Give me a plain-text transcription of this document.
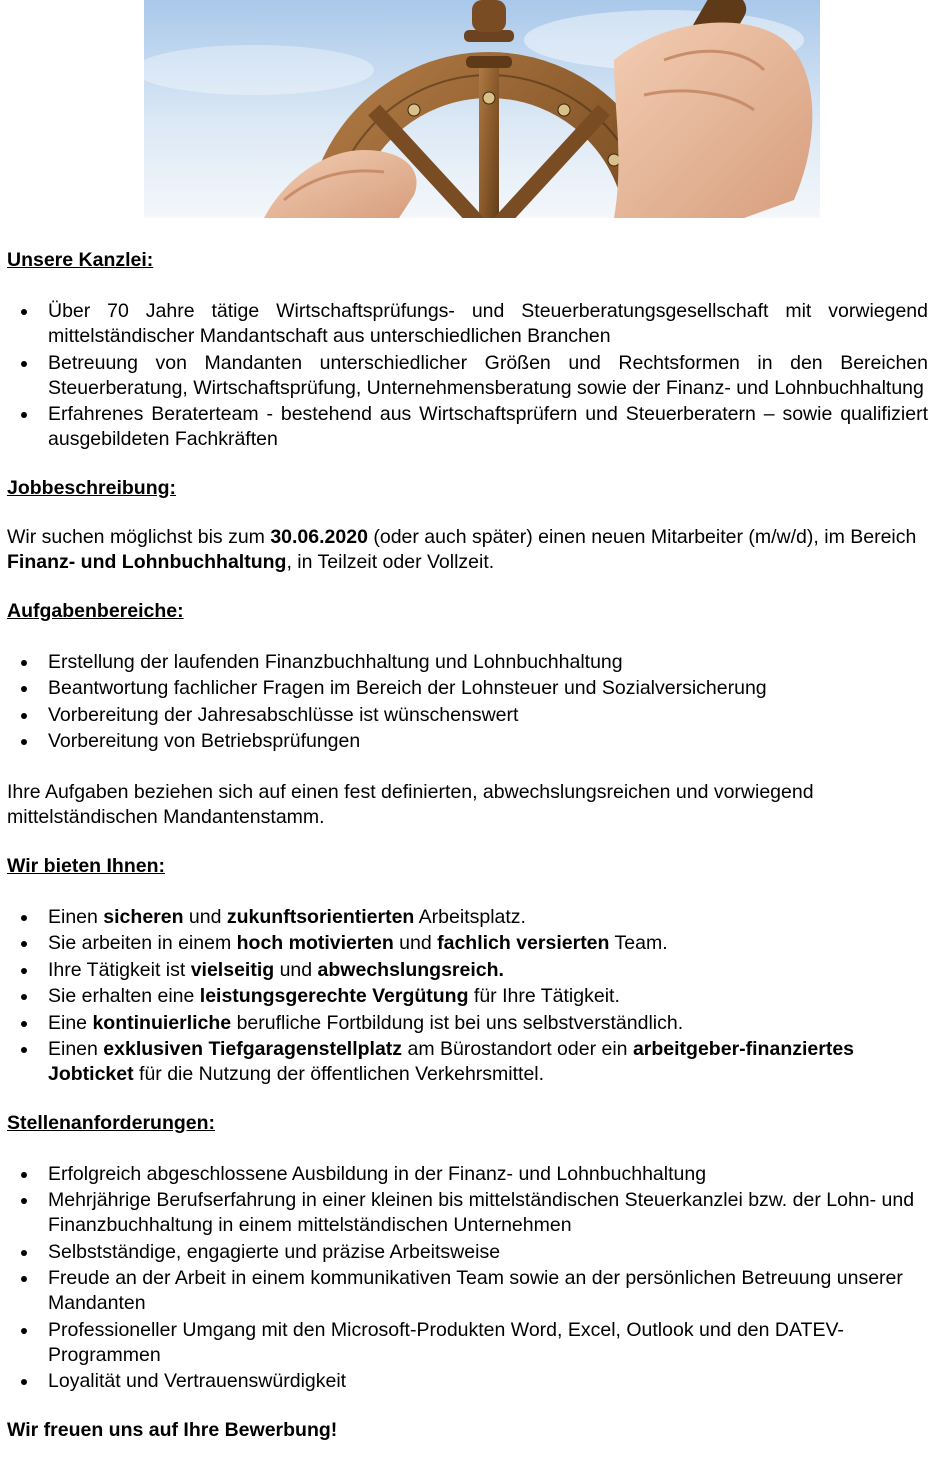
Unsere Kanzlei:
Über 70 Jahre tätige Wirtschaftsprüfungs- und Steuerberatungsgesellschaft mit vorwiegend mittelständischer Mandantschaft aus unterschiedlichen Branchen
Betreuung von Mandanten unterschiedlicher Größen und Rechtsformen in den Bereichen Steuerberatung, Wirtschaftsprüfung, Unternehmensberatung sowie der Finanz- und Lohnbuchhaltung
Erfahrenes Beraterteam - bestehend aus Wirtschaftsprüfern und Steuerberatern – sowie qualifiziert ausgebildeten Fachkräften
Jobbeschreibung:

Wir suchen möglichst bis zum 30.06.2020 (oder auch später) einen neuen Mitarbeiter (m/w/d), im Bereich Finanz- und Lohnbuchhaltung, in Teilzeit oder Vollzeit.

Aufgabenbereiche:
Erstellung der laufenden Finanzbuchhaltung und Lohnbuchhaltung
Beantwortung fachlicher Fragen im Bereich der Lohnsteuer und Sozialversicherung
Vorbereitung der Jahresabschlüsse ist wünschenswert
Vorbereitung von Betriebsprüfungen

Ihre Aufgaben beziehen sich auf einen fest definierten, abwechslungsreichen und vorwiegend mittelständischen Mandantenstamm.

Wir bieten Ihnen:
Einen sicheren und zukunftsorientierten Arbeitsplatz.
Sie arbeiten in einem hoch motivierten und fachlich versierten Team.
Ihre Tätigkeit ist vielseitig und abwechslungsreich.
Sie erhalten eine leistungsgerechte Vergütung für Ihre Tätigkeit.
Eine kontinuierliche berufliche Fortbildung ist bei uns selbstverständlich.
Einen exklusiven Tiefgaragenstellplatz am Bürostandort oder ein arbeitgeber-finanziertes Jobticket für die Nutzung der öffentlichen Verkehrsmittel.
Stellenanforderungen:
Erfolgreich abgeschlossene Ausbildung in der Finanz- und Lohnbuchhaltung
Mehrjährige Berufserfahrung in einer kleinen bis mittelständischen Steuerkanzlei bzw. der Lohn- und Finanzbuchhaltung in einem mittelständischen Unternehmen
Selbstständige, engagierte und präzise Arbeitsweise
Freude an der Arbeit in einem kommunikativen Team sowie an der persönlichen Betreuung unserer Mandanten
Professioneller Umgang mit den Microsoft-Produkten Word, Excel, Outlook und den DATEV-Programmen
Loyalität und Vertrauenswürdigkeit

Wir freuen uns auf Ihre Bewerbung!
